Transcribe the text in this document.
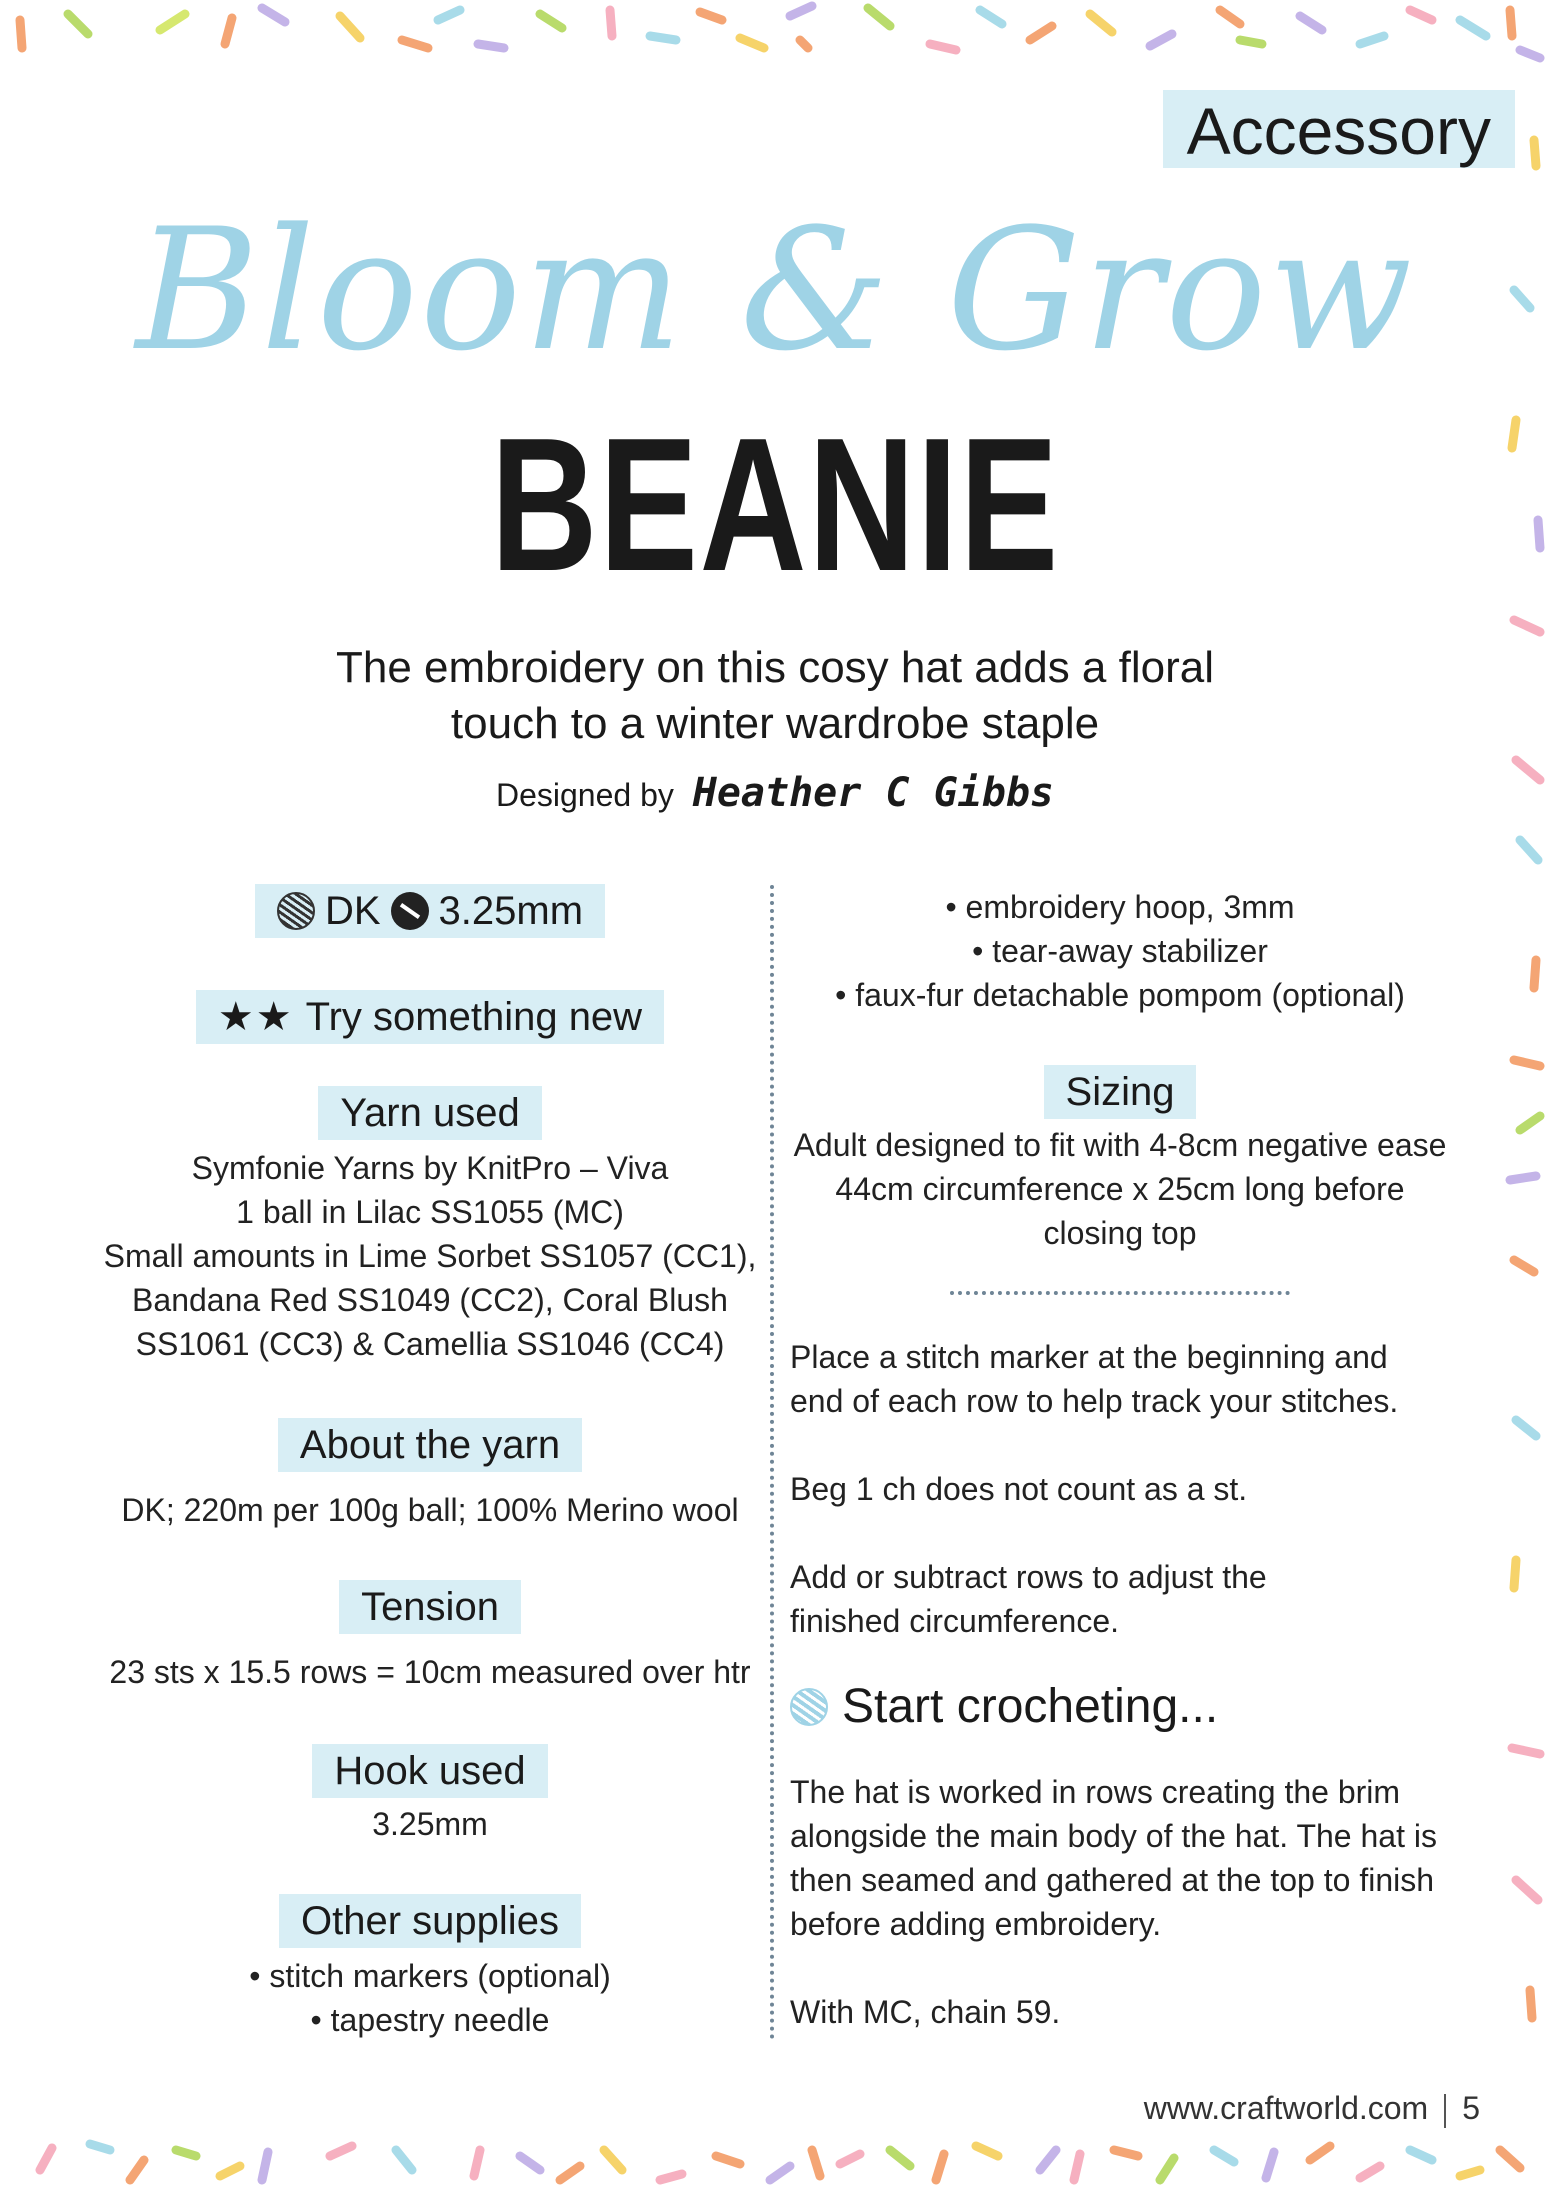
Accessory
Bloom & Grow
BEANIE
The embroidery on this cosy hat adds a floral
touch to a winter wardrobe staple
Designed by Heather C Gibbs
DK 3.25mm
★★ Try something new
Yarn used

Symfonie Yarns by KnitPro – Viva

1 ball in Lilac SS1055 (MC)

Small amounts in Lime Sorbet SS1057 (CC1),

Bandana Red SS1049 (CC2), Coral Blush

SS1061 (CC3) & Camellia SS1046 (CC4)

About the yarn

DK; 220m per 100g ball; 100% Merino wool

Tension

23 sts x 15.5 rows = 10cm measured over htr

Hook used

3.25mm

Other supplies

• stitch markers (optional)

• tapestry needle

• embroidery hoop, 3mm

• tear-away stabilizer

• faux-fur detachable pompom (optional)

Sizing

Adult designed to fit with 4-8cm negative ease

44cm circumference x 25cm long before

closing top

Place a stitch marker at the beginning and

end of each row to help track your stitches.

Beg 1 ch does not count as a st.

Add or subtract rows to adjust the

finished circumference.

Start crocheting...

The hat is worked in rows creating the brim

alongside the main body of the hat. The hat is

then seamed and gathered at the top to finish

before adding embroidery.

With MC, chain 59.

www.craftworld.com 5
